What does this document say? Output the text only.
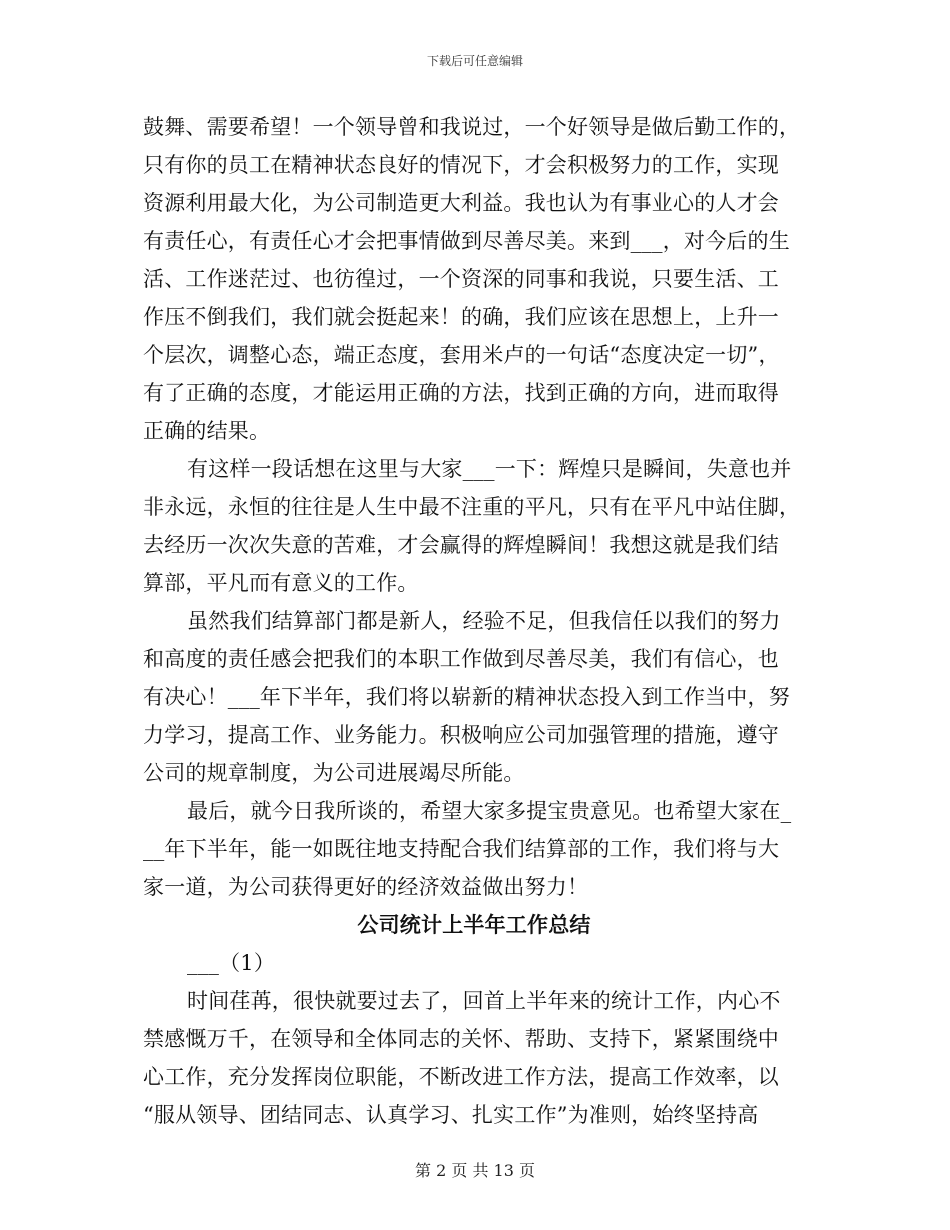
下载后可任意编辑
鼓舞、需要希望！一个领导曾和我说过，一个好领导是做后勤工作的，
只有你的员工在精神状态良好的情况下，才会积极努力的工作，实现
资源利用最大化，为公司制造更大利益。我也认为有事业心的人才会
有责任心，有责任心才会把事情做到尽善尽美。来到___，对今后的生
活、工作迷茫过、也彷徨过，一个资深的同事和我说，只要生活、工
作压不倒我们，我们就会挺起来！的确，我们应该在思想上，上升一
个层次，调整心态，端正态度，套用米卢的一句话“态度决定一切”，
有了正确的态度，才能运用正确的方法，找到正确的方向，进而取得
正确的结果。
有这样一段话想在这里与大家___一下：辉煌只是瞬间，失意也并
非永远，永恒的往往是人生中最不注重的平凡，只有在平凡中站住脚，
去经历一次次失意的苦难，才会赢得的辉煌瞬间！我想这就是我们结
算部，平凡而有意义的工作。
虽然我们结算部门都是新人，经验不足，但我信任以我们的努力
和高度的责任感会把我们的本职工作做到尽善尽美，我们有信心，也
有决心！___年下半年，我们将以崭新的精神状态投入到工作当中，努
力学习，提高工作、业务能力。积极响应公司加强管理的措施，遵守
公司的规章制度，为公司进展竭尽所能。
最后，就今日我所谈的，希望大家多提宝贵意见。也希望大家在_
__年下半年，能一如既往地支持配合我们结算部的工作，我们将与大
家一道，为公司获得更好的经济效益做出努力！
公司统计上半年工作总结
___（1）
时间荏苒，很快就要过去了，回首上半年来的统计工作，内心不
禁感慨万千，在领导和全体同志的关怀、帮助、支持下，紧紧围绕中
心工作，充分发挥岗位职能，不断改进工作方法，提高工作效率，以
“服从领导、团结同志、认真学习、扎实工作”为准则，始终坚持高
第 2 页 共 13 页
